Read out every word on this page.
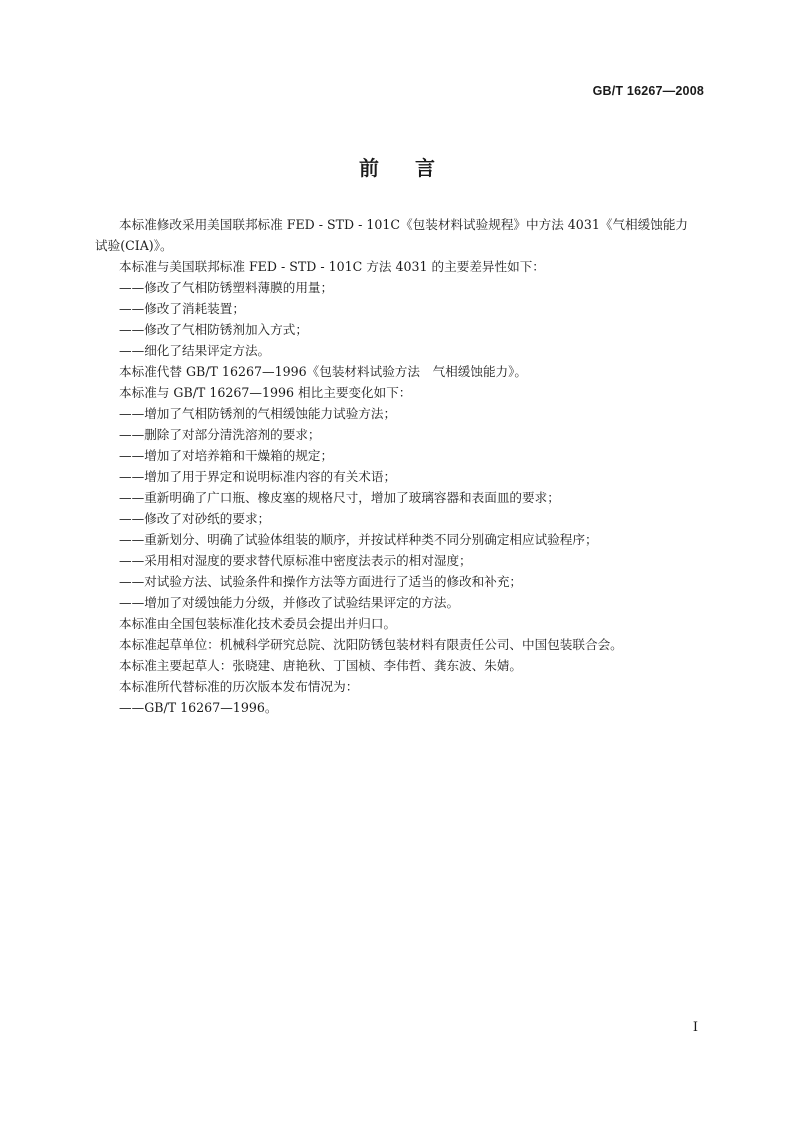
GB/T 16267—2008
前言

本标准修改采用美国联邦标准 FED - STD - 101C《包装材料试验规程》中方法 4031《气相缓蚀能力

试验(CIA)》。

本标准与美国联邦标准 FED - STD - 101C 方法 4031 的主要差异性如下：

——修改了气相防锈塑料薄膜的用量；

——修改了消耗装置；

——修改了气相防锈剂加入方式；

——细化了结果评定方法。

本标准代替 GB/T 16267—1996《包装材料试验方法　气相缓蚀能力》。

本标准与 GB/T 16267—1996 相比主要变化如下：

——增加了气相防锈剂的气相缓蚀能力试验方法；

——删除了对部分清洗溶剂的要求；

——增加了对培养箱和干燥箱的规定；

——增加了用于界定和说明标准内容的有关术语；

——重新明确了广口瓶、橡皮塞的规格尺寸，增加了玻璃容器和表面皿的要求；

——修改了对砂纸的要求；

——重新划分、明确了试验体组装的顺序，并按试样种类不同分别确定相应试验程序；

——采用相对湿度的要求替代原标准中密度法表示的相对湿度；

——对试验方法、试验条件和操作方法等方面进行了适当的修改和补充；

——增加了对缓蚀能力分级，并修改了试验结果评定的方法。

本标准由全国包装标准化技术委员会提出并归口。

本标准起草单位：机械科学研究总院、沈阳防锈包装材料有限责任公司、中国包装联合会。

本标准主要起草人：张晓建、唐艳秋、丁国桢、李伟哲、龚东波、朱婧。

本标准所代替标准的历次版本发布情况为：

——GB/T 16267—1996。

I
